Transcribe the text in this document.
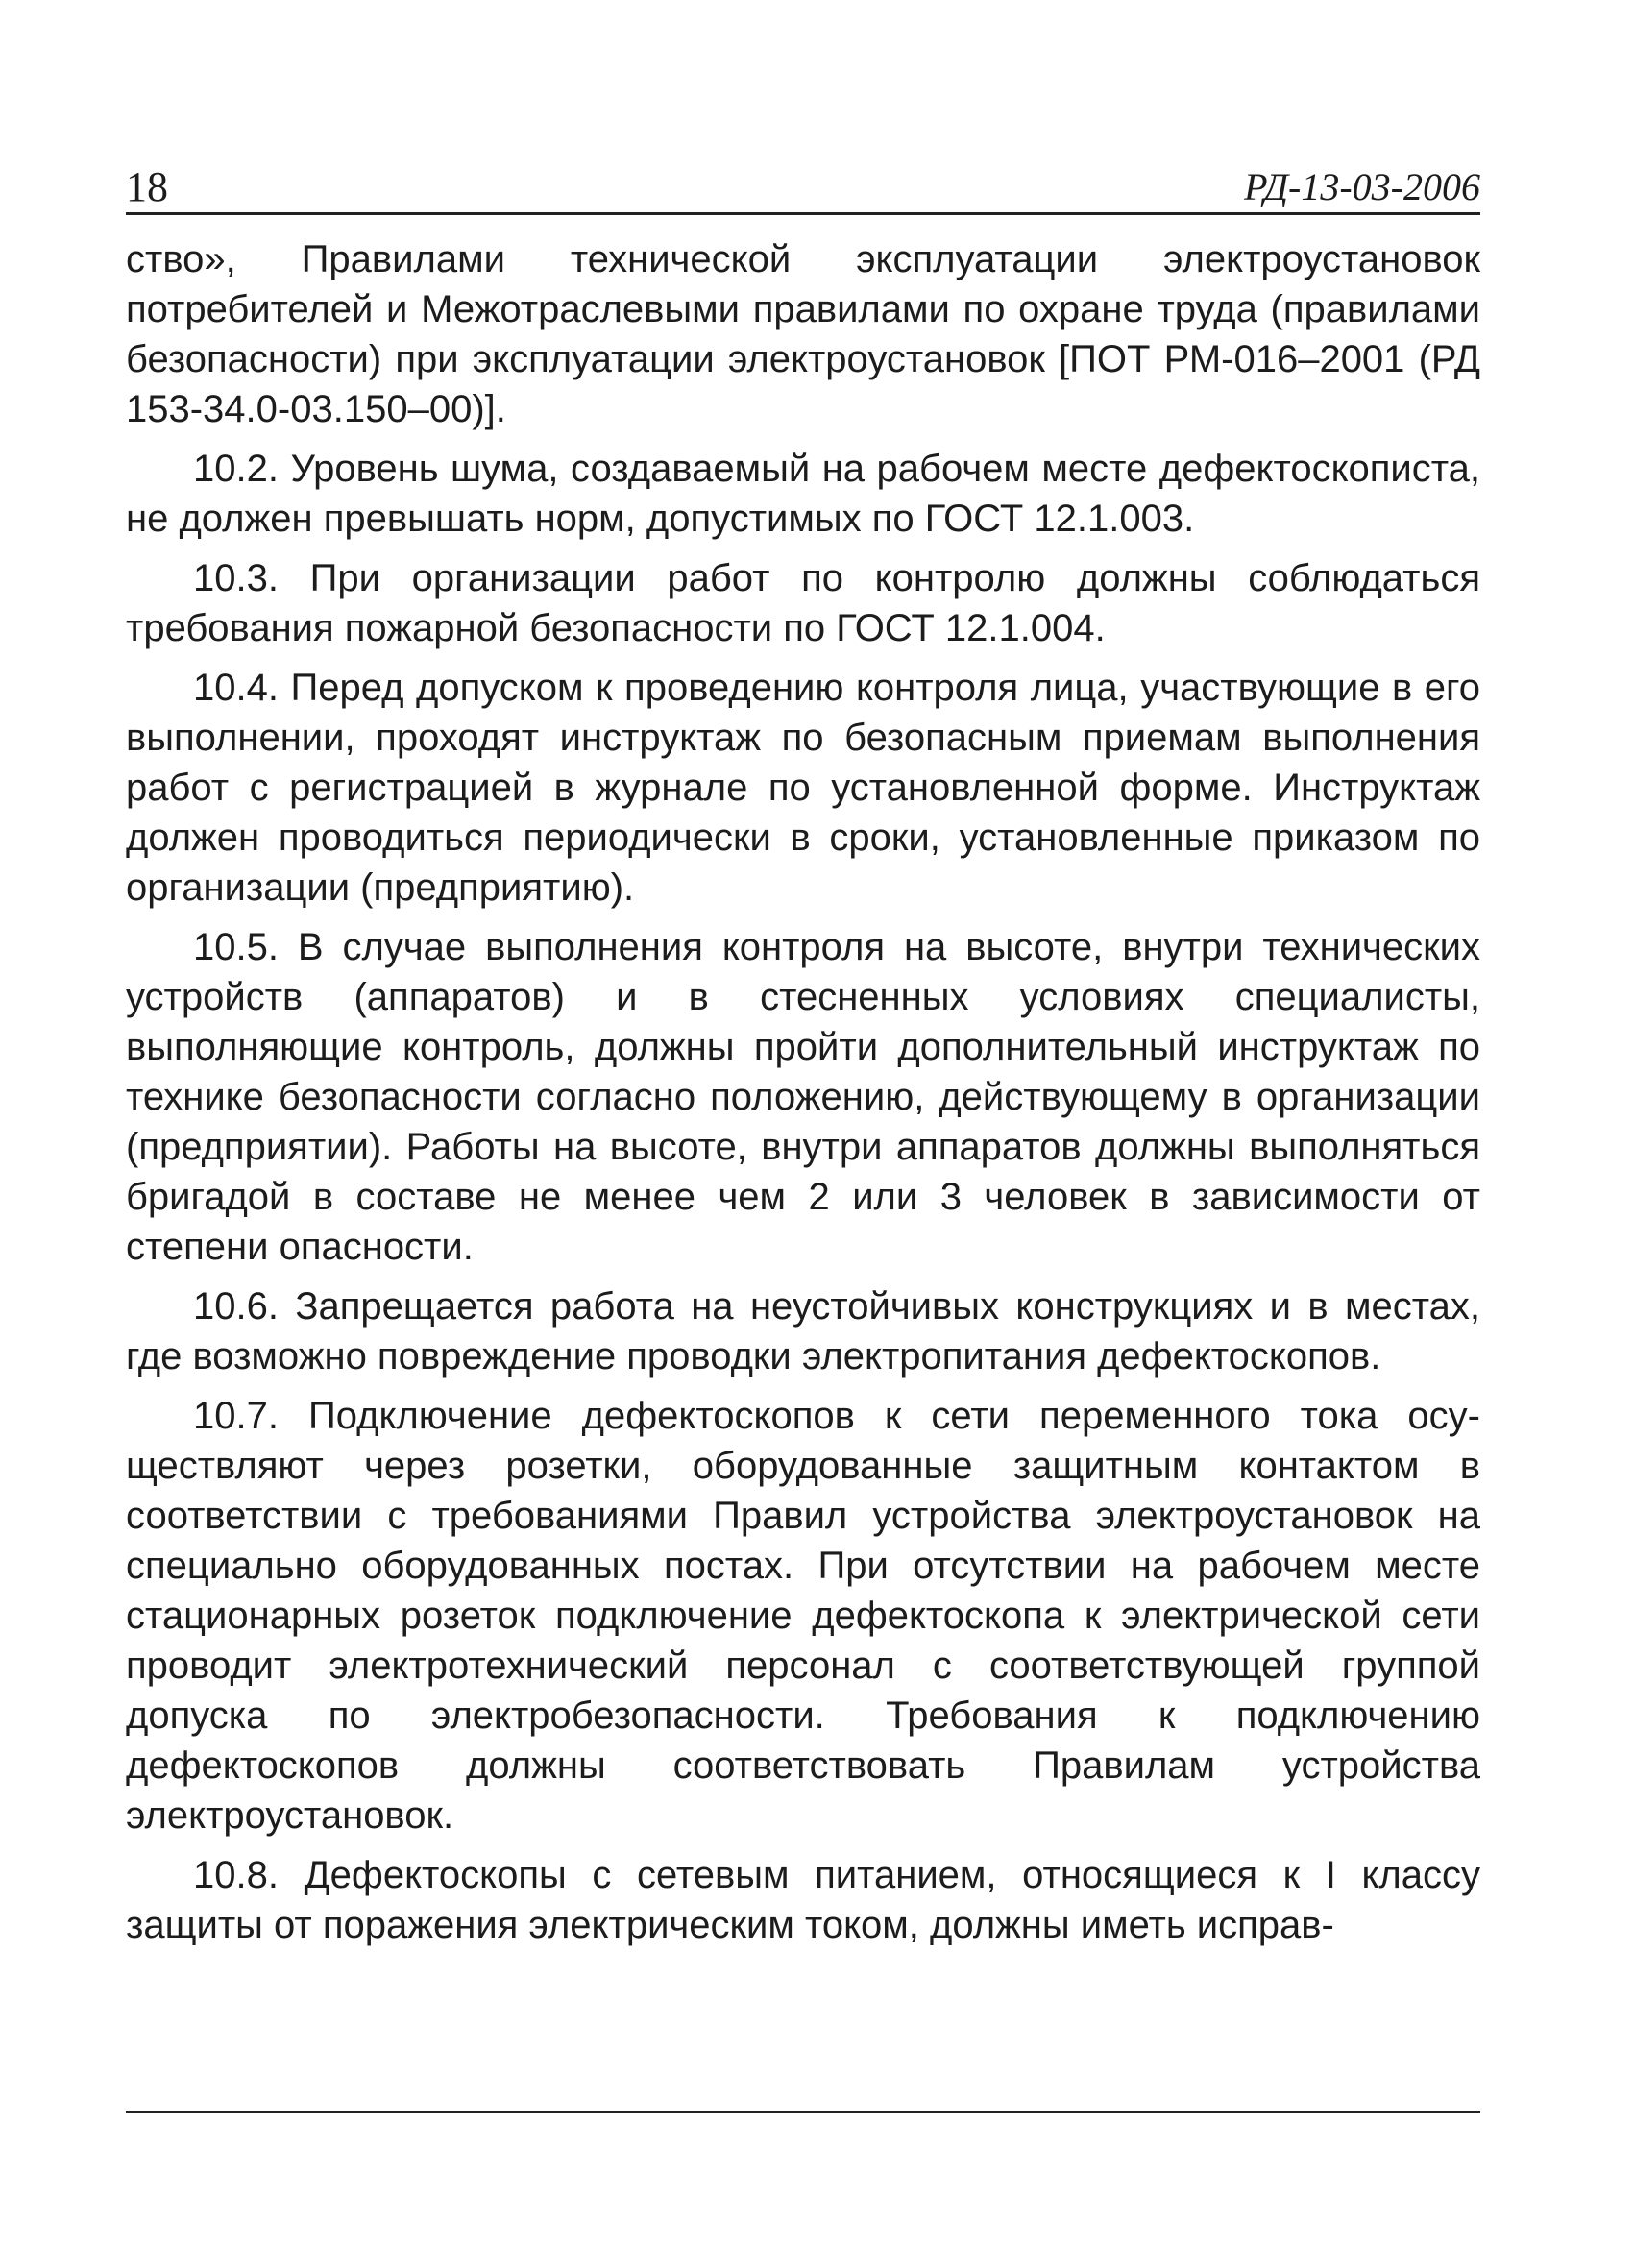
18	РД-13-03-2006

ство», Правилами технической эксплуатации электроустановок потребителей и Межотраслевыми правилами по охране труда (правилами безопасности) при эксплуатации электроустановок [ПОТ РМ-016–2001 (РД 153-34.0-03.150–00)].

10.2. Уровень шума, создаваемый на рабочем месте дефектоскописта, не должен превышать норм, допустимых по ГОСТ 12.1.003.

10.3. При организации работ по контролю должны соблюдаться требования пожарной безопасности по ГОСТ 12.1.004.

10.4. Перед допуском к проведению контроля лица, участвующие в его выполнении, проходят инструктаж по безопасным приемам выполнения работ с регистрацией в журнале по установленной форме. Инструктаж должен проводиться периодически в сроки, установленные приказом по организации (предприятию).

10.5. В случае выполнения контроля на высоте, внутри технических устройств (аппаратов) и в стесненных условиях специалисты, выполняющие контроль, должны пройти дополнительный инструктаж по технике безопасности согласно положению, действующему в организации (предприятии). Работы на высоте, внутри аппаратов должны выполняться бригадой в составе не менее чем 2 или 3 человек в зависимости от степени опасности.

10.6. Запрещается работа на неустойчивых конструкциях и в местах, где возможно повреждение проводки электропитания дефектоскопов.

10.7. Подключение дефектоскопов к сети переменного тока осуществляют через розетки, оборудованные защитным контактом в соответствии с требованиями Правил устройства электроустановок на специально оборудованных постах. При отсутствии на рабочем месте стационарных розеток подключение дефектоскопа к электрической сети проводит электротехнический персонал с соответствующей группой допуска по электробезопасности. Требования к подключению дефектоскопов должны соответствовать Правилам устройства электроустановок.

10.8. Дефектоскопы с сетевым питанием, относящиеся к I классу защиты от поражения электрическим током, должны иметь исправ-
